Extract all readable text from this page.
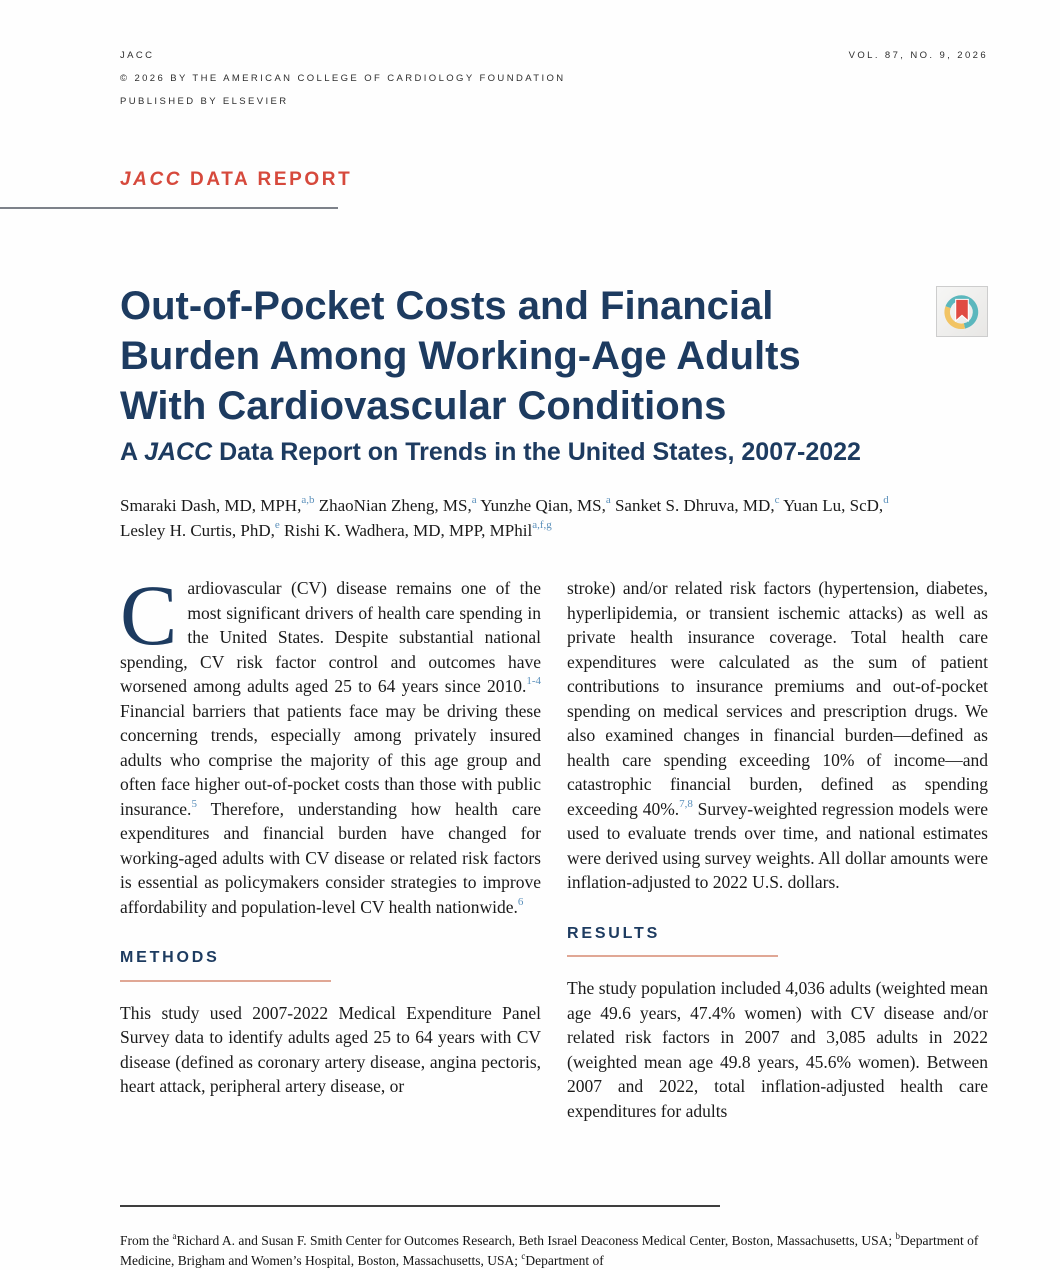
JACC	VOL. 87, NO. 9, 2026
© 2026 BY THE AMERICAN COLLEGE OF CARDIOLOGY FOUNDATION
PUBLISHED BY ELSEVIER
JACC DATA REPORT
Out-of-Pocket Costs and Financial
Burden Among Working-Age Adults
With Cardiovascular Conditions
A JACC Data Report on Trends in the United States, 2007-2022
Smaraki Dash, MD, MPH,$^{a,b}$ ZhaoNian Zheng, MS,$^a$ Yunzhe Qian, MS,$^a$ Sanket S. Dhruva, MD,$^c$ Yuan Lu, ScD,$^d$
Lesley H. Curtis, PhD,$^e$ Rishi K. Wadhera, MD, MPP, MPhil$^{a,f,g}$

Cardiovascular (CV) disease remains one of the most significant drivers of health care spending in the United States. Despite substantial national spending, CV risk factor control and outcomes have worsened among adults aged 25 to 64 years since 2010.$^{1-4}$ Financial barriers that patients face may be driving these concerning trends, especially among privately insured adults who comprise the majority of this age group and often face higher out-of-pocket costs than those with public insurance.$^5$ Therefore, understanding how health care expenditures and financial burden have changed for working-aged adults with CV disease or related risk factors is essential as policymakers consider strategies to improve affordability and population-level CV health nationwide.$^6$

METHODS

This study used 2007-2022 Medical Expenditure Panel Survey data to identify adults aged 25 to 64 years with CV disease (defined as coronary artery disease, angina pectoris, heart attack, peripheral artery disease, or

stroke) and/or related risk factors (hypertension, diabetes, hyperlipidemia, or transient ischemic attacks) as well as private health insurance coverage. Total health care expenditures were calculated as the sum of patient contributions to insurance premiums and out-of-pocket spending on medical services and prescription drugs. We also examined changes in financial burden—defined as health care spending exceeding 10% of income—and catastrophic financial burden, defined as spending exceeding 40%.$^{7,8}$ Survey-weighted regression models were used to evaluate trends over time, and national estimates were derived using survey weights. All dollar amounts were inflation-adjusted to 2022 U.S. dollars.

RESULTS

The study population included 4,036 adults (weighted mean age 49.6 years, 47.4% women) with CV disease and/or related risk factors in 2007 and 3,085 adults in 2022 (weighted mean age 49.8 years, 45.6% women). Between 2007 and 2022, total inflation-adjusted health care expenditures for adults

From the $^a$Richard A. and Susan F. Smith Center for Outcomes Research, Beth Israel Deaconess Medical Center, Boston, Massachusetts, USA; $^b$Department of Medicine, Brigham and Women’s Hospital, Boston, Massachusetts, USA; $^c$Department of
